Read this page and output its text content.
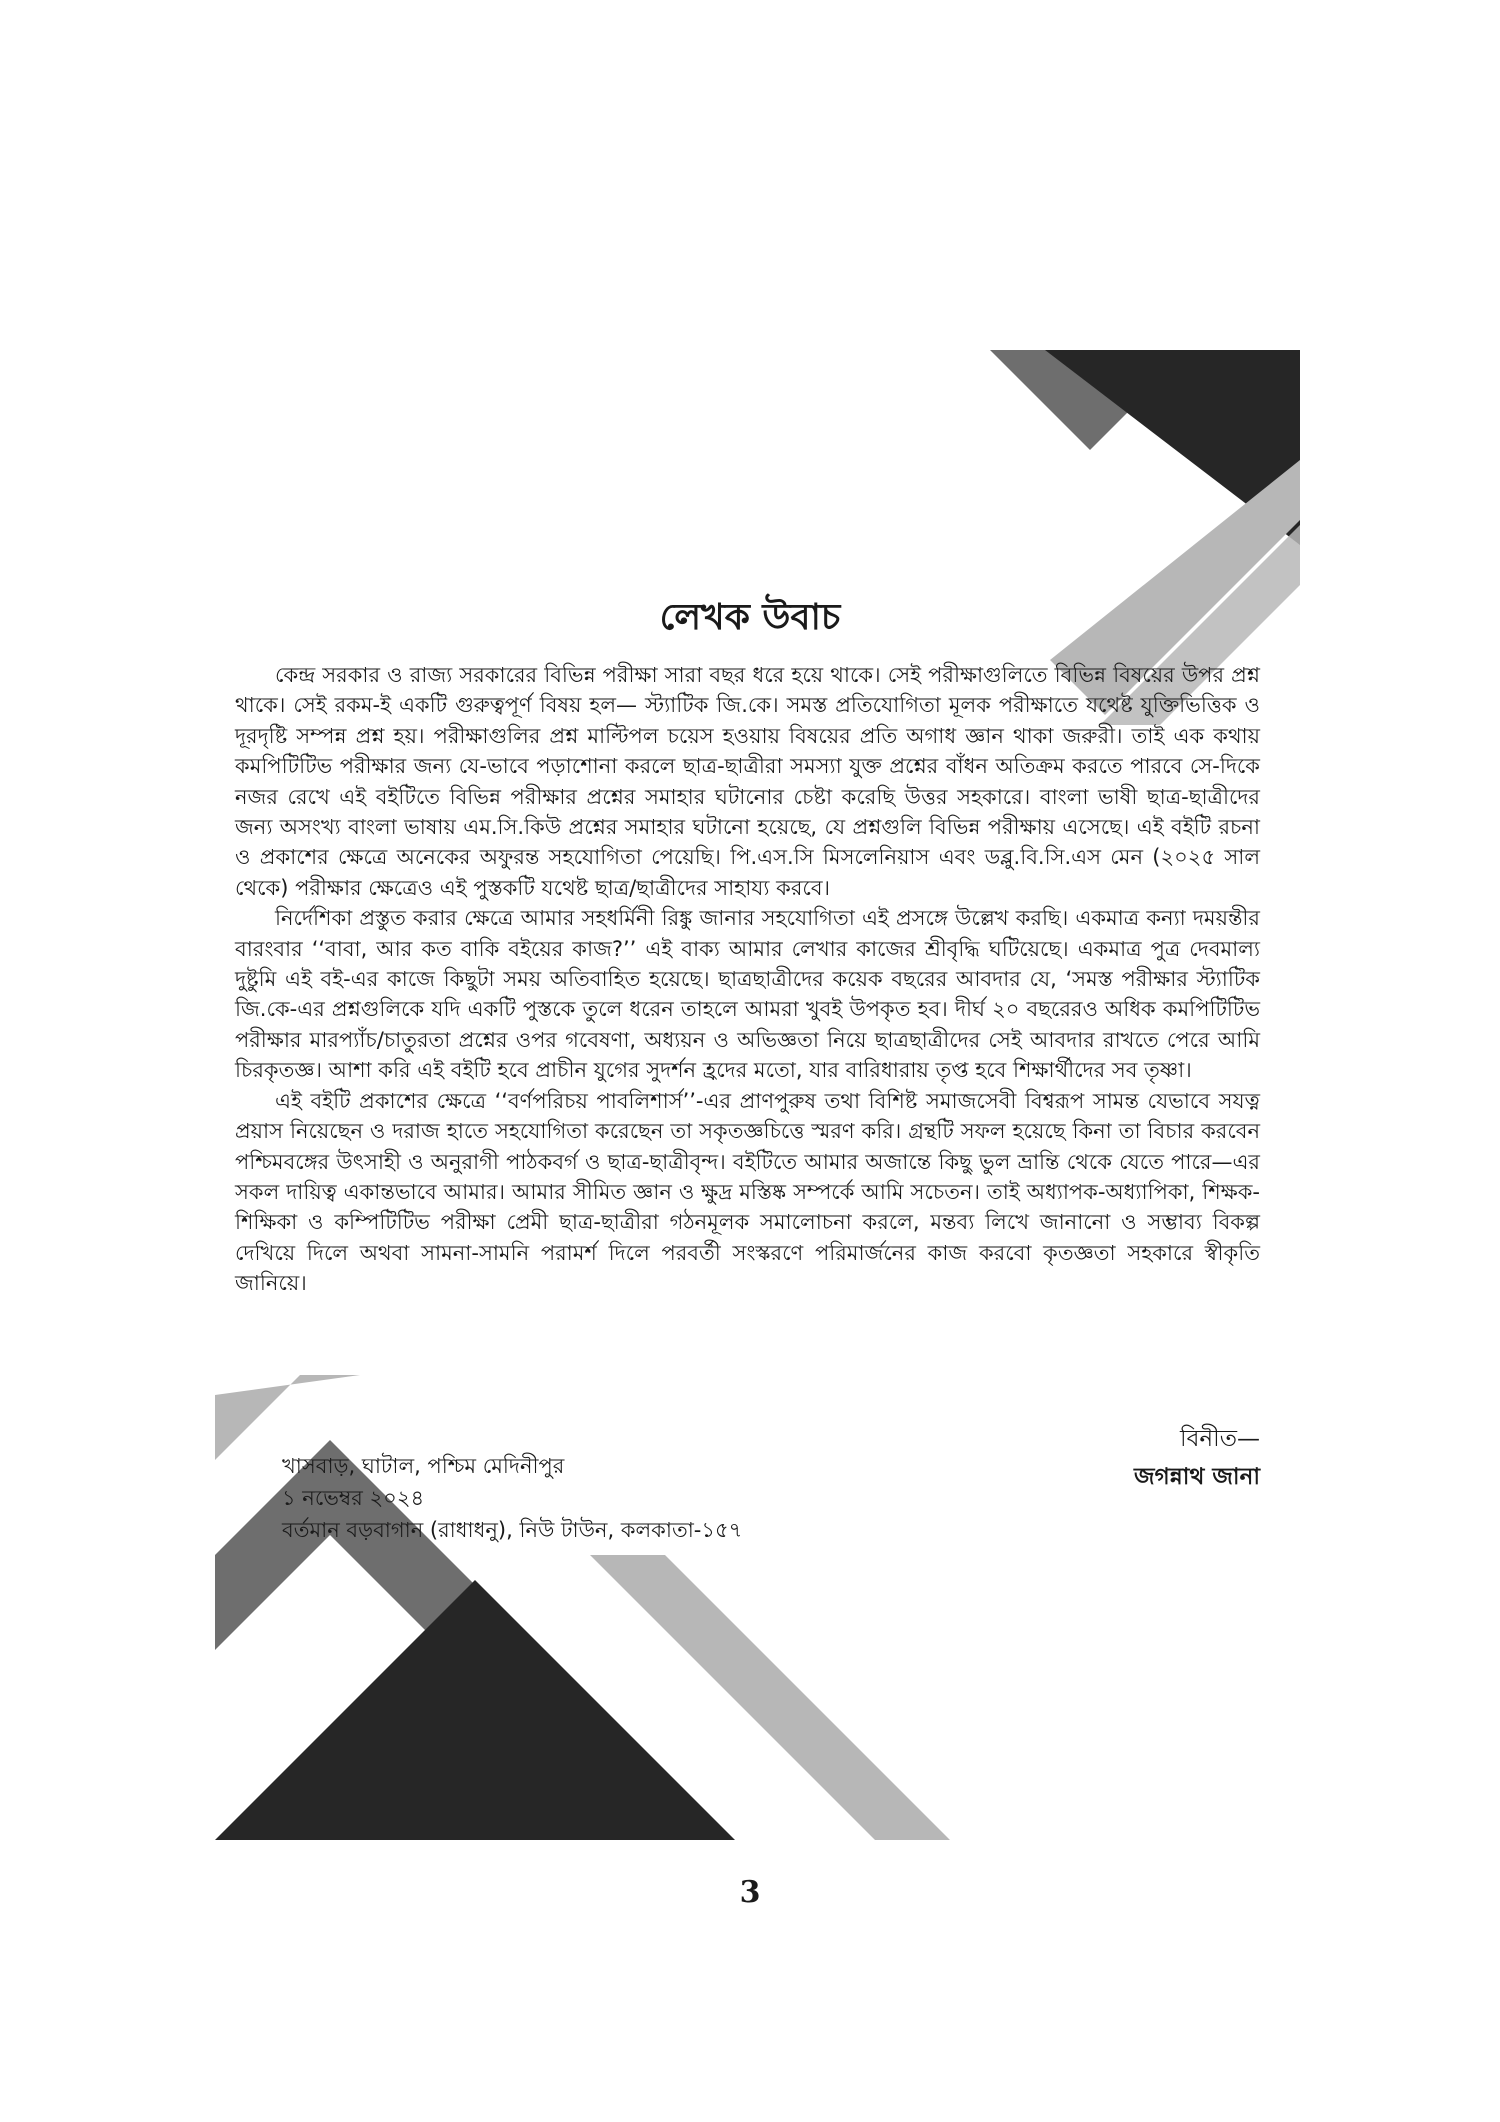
লেখক উবাচ

কেন্দ্র সরকার ও রাজ্য সরকারের বিভিন্ন পরীক্ষা সারা বছর ধরে হয়ে থাকে। সেই পরীক্ষাগুলিতে বিভিন্ন বিষয়ের উপর প্রশ্ন থাকে। সেই রকম-ই একটি গুরুত্বপূর্ণ বিষয় হল— স্ট্যাটিক জি.কে। সমস্ত প্রতিযোগিতা মূলক পরীক্ষাতে যথেষ্ট যুক্তিভিত্তিক ও দূরদৃষ্টি সম্পন্ন প্রশ্ন হয়। পরীক্ষাগুলির প্রশ্ন মাল্টিপল চয়েস হওয়ায় বিষয়ের প্রতি অগাধ জ্ঞান থাকা জরুরী। তাই এক কথায় কমপিটিটিভ পরীক্ষার জন্য যে-ভাবে পড়াশোনা করলে ছাত্র-ছাত্রীরা সমস্যা যুক্ত প্রশ্নের বাঁধন অতিক্রম করতে পারবে সে-দিকে নজর রেখে এই বইটিতে বিভিন্ন পরীক্ষার প্রশ্নের সমাহার ঘটানোর চেষ্টা করেছি উত্তর সহকারে। বাংলা ভাষী ছাত্র-ছাত্রীদের জন্য অসংখ্য বাংলা ভাষায় এম.সি.কিউ প্রশ্নের সমাহার ঘটানো হয়েছে, যে প্রশ্নগুলি বিভিন্ন পরীক্ষায় এসেছে। এই বইটি রচনা ও প্রকাশের ক্ষেত্রে অনেকের অফুরন্ত সহযোগিতা পেয়েছি। পি.এস.সি মিসলেনিয়াস এবং ডব্লু.বি.সি.এস মেন (২০২৫ সাল থেকে) পরীক্ষার ক্ষেত্রেও এই পুস্তকটি যথেষ্ট ছাত্র/ছাত্রীদের সাহায্য করবে।

নির্দেশিকা প্রস্তুত করার ক্ষেত্রে আমার সহধর্মিনী রিঙ্কু জানার সহযোগিতা এই প্রসঙ্গে উল্লেখ করছি। একমাত্র কন্যা দময়ন্তীর বারংবার ‘‘বাবা, আর কত বাকি বইয়ের কাজ?’’ এই বাক্য আমার লেখার কাজের শ্রীবৃদ্ধি ঘটিয়েছে। একমাত্র পুত্র দেবমাল্য দুষ্টুমি এই বই-এর কাজে কিছুটা সময় অতিবাহিত হয়েছে। ছাত্রছাত্রীদের কয়েক বছরের আবদার যে, ‘সমস্ত পরীক্ষার স্ট্যাটিক জি.কে-এর প্রশ্নগুলিকে যদি একটি পুস্তকে তুলে ধরেন তাহলে আমরা খুবই উপকৃত হব। দীর্ঘ ২০ বছরেরও অধিক কমপিটিটিভ পরীক্ষার মারপ্যাঁচ/চাতুরতা প্রশ্নের ওপর গবেষণা, অধ্যয়ন ও অভিজ্ঞতা নিয়ে ছাত্রছাত্রীদের সেই আবদার রাখতে পেরে আমি চিরকৃতজ্ঞ। আশা করি এই বইটি হবে প্রাচীন যুগের সুদর্শন হ্রদের মতো, যার বারিধারায় তৃপ্ত হবে শিক্ষার্থীদের সব তৃষ্ণা।

এই বইটি প্রকাশের ক্ষেত্রে ‘‘বর্ণপরিচয় পাবলিশার্স’’-এর প্রাণপুরুষ তথা বিশিষ্ট সমাজসেবী বিশ্বরূপ সামন্ত যেভাবে সযত্ন প্রয়াস নিয়েছেন ও দরাজ হাতে সহযোগিতা করেছেন তা সকৃতজ্ঞচিত্তে স্মরণ করি। গ্রন্থটি সফল হয়েছে কিনা তা বিচার করবেন পশ্চিমবঙ্গের উৎসাহী ও অনুরাগী পাঠকবর্গ ও ছাত্র-ছাত্রীবৃন্দ। বইটিতে আমার অজান্তে কিছু ভুল ভ্রান্তি থেকে যেতে পারে—এর সকল দায়িত্ব একান্তভাবে আমার। আমার সীমিত জ্ঞান ও ক্ষুদ্র মস্তিষ্ক সম্পর্কে আমি সচেতন। তাই অধ্যাপক-অধ্যাপিকা, শিক্ষক-শিক্ষিকা ও কম্পিটিটিভ পরীক্ষা প্রেমী ছাত্র-ছাত্রীরা গঠনমূলক সমালোচনা করলে, মন্তব্য লিখে জানানো ও সম্ভাব্য বিকল্প দেখিয়ে দিলে অথবা সামনা-সামনি পরামর্শ দিলে পরবর্তী সংস্করণে পরিমার্জনের কাজ করবো কৃতজ্ঞতা সহকারে স্বীকৃতি জানিয়ে।

বিনীত—
জগন্নাথ জানা
খাসবাড়, ঘাটাল, পশ্চিম মেদিনীপুর
১ নভেম্বর ২০২৪
বর্তমান বড়বাগান (রাধাধনু), নিউ টাউন, কলকাতা-১৫৭
3
